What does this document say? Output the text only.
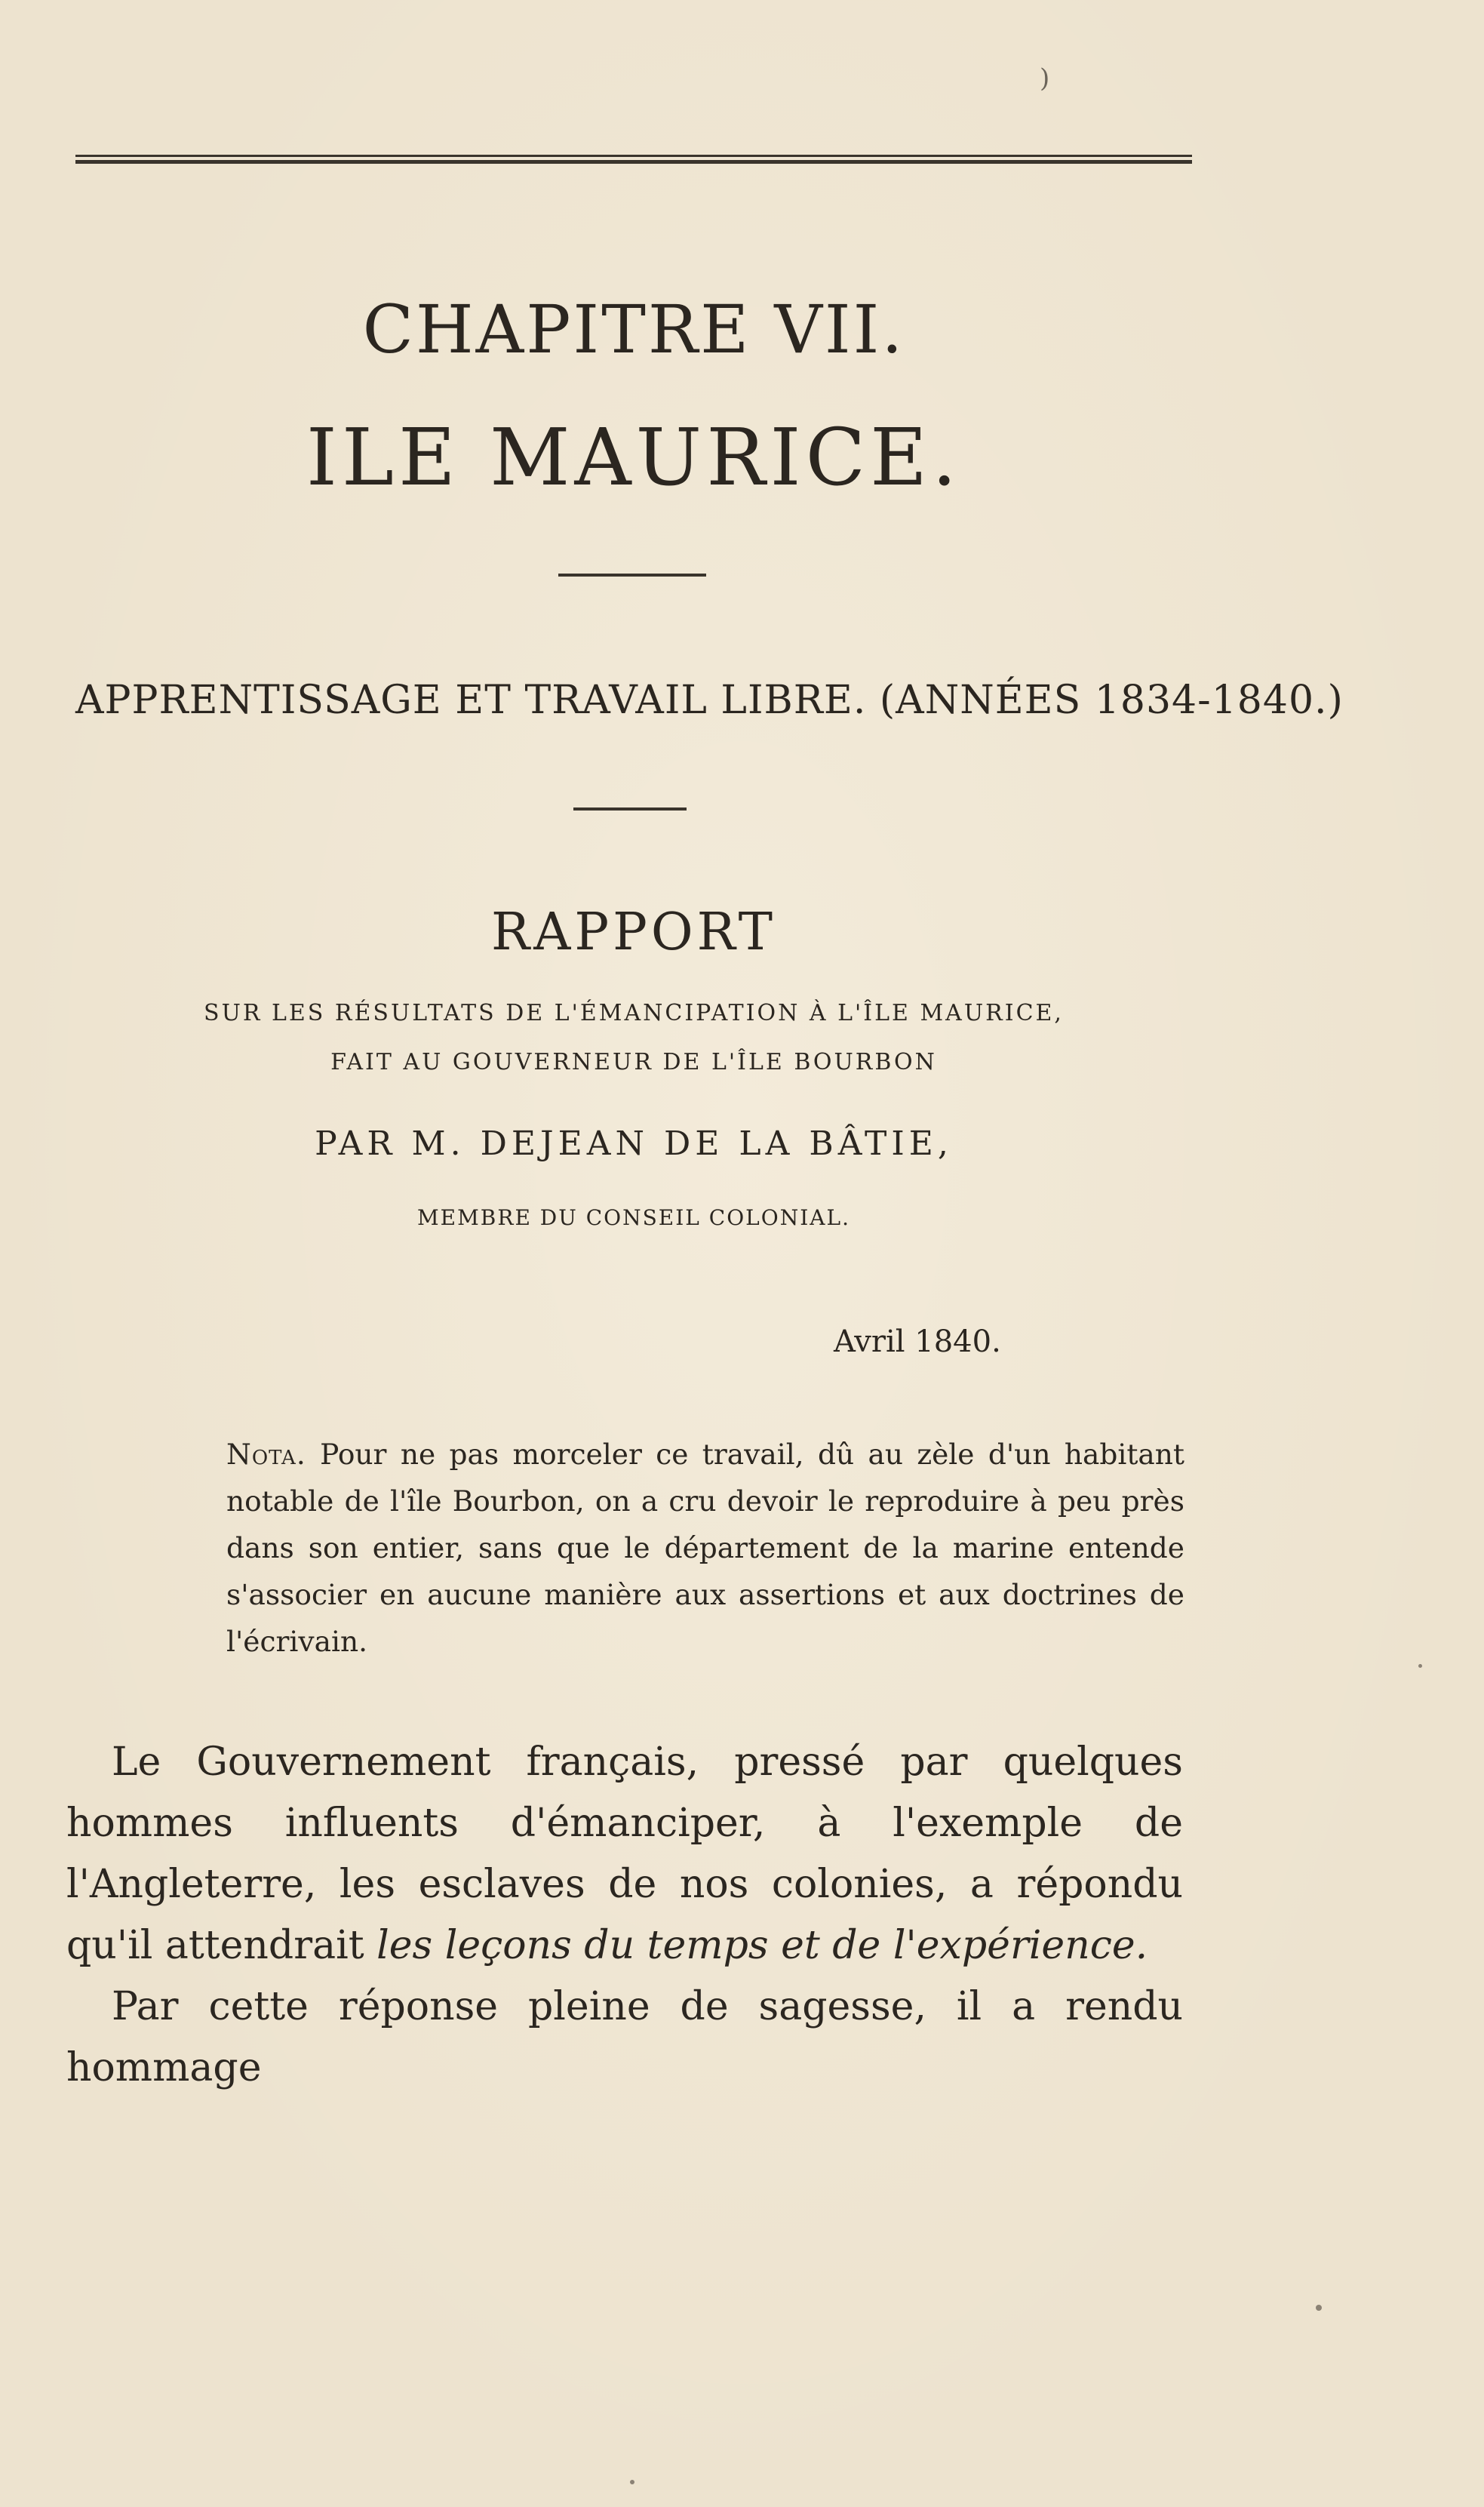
)
CHAPITRE VII.
ILE MAURICE.
APPRENTISSAGE ET TRAVAIL LIBRE. (ANNÉES 1834-1840.)
RAPPORT
SUR LES RÉSULTATS DE L'ÉMANCIPATION À L'ÎLE MAURICE,
FAIT AU GOUVERNEUR DE L'ÎLE BOURBON
PAR M. DEJEAN DE LA BÂTIE,
MEMBRE DU CONSEIL COLONIAL.
Avril 1840.
Nota. Pour ne pas morceler ce travail, dû au zèle d'un habitant notable de l'île Bourbon, on a cru devoir le reproduire à peu près dans son entier, sans que le département de la marine entende s'associer en aucune manière aux assertions et aux doctrines de l'écrivain.

Le Gouvernement français, pressé par quelques hommes influents d'émanciper, à l'exemple de l'Angleterre, les esclaves de nos colonies, a répondu qu'il attendrait les leçons du temps et de l'expérience.

Par cette réponse pleine de sagesse, il a rendu hommage
